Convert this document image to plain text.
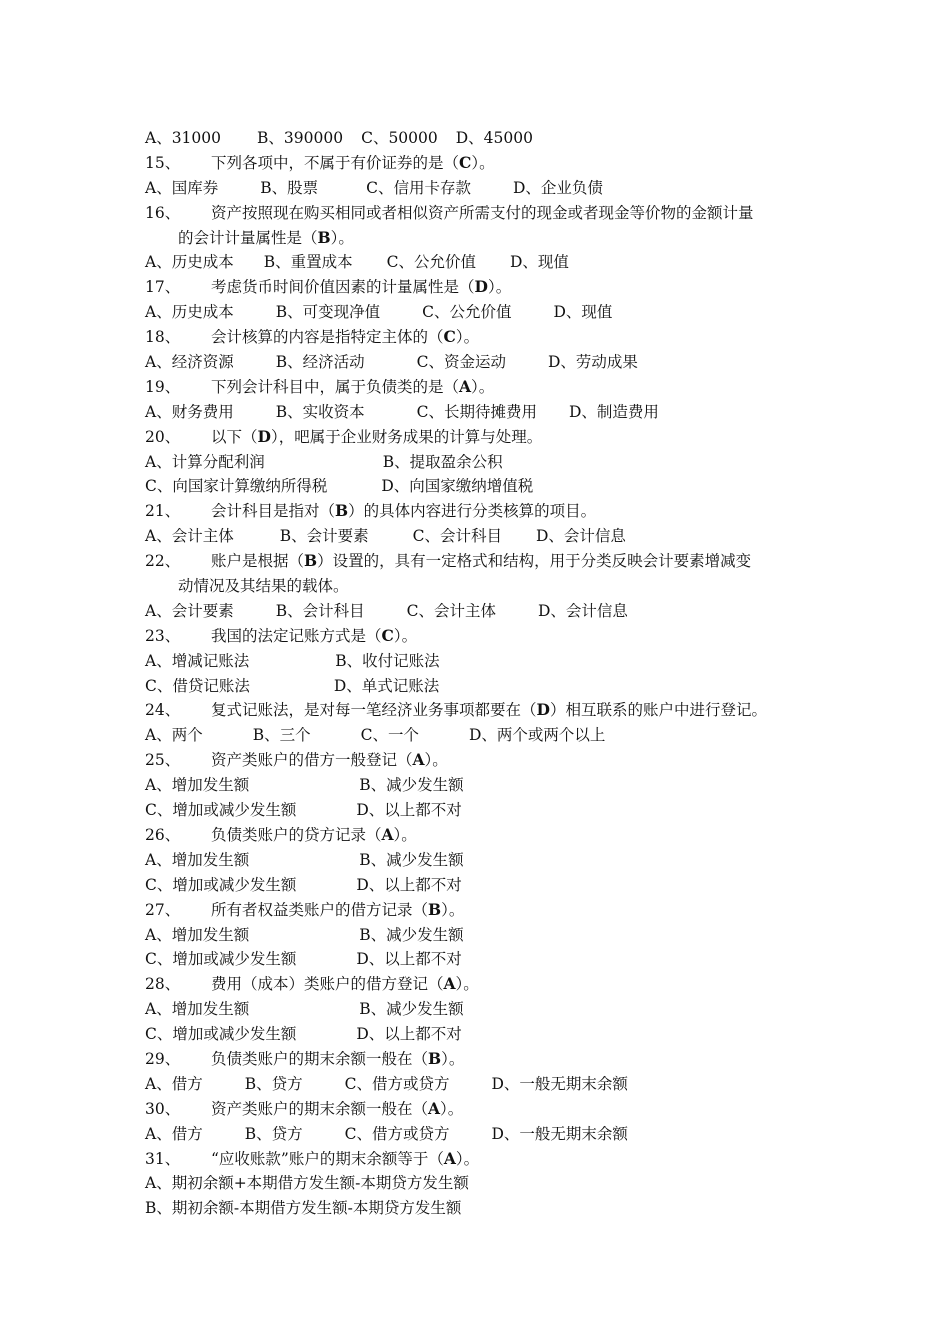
A、31000 B、390000 C、50000 D、45000
15、 下列各项中，不属于有价证券的是（C）。
A、国库券	B、股票	C、信用卡存款	D、企业负债
16、 资产按照现在购买相同或者相似资产所需支付的现金或者现金等价物的金额计量
的会计计量属性是（B）。
A、历史成本 B、重置成本 C、公允价值 D、现值
17、 考虑货币时间价值因素的计量属性是（D）。
A、历史成本	B、可变现净值	C、公允价值	D、现值
18、 会计核算的内容是指特定主体的（C）。
A、经济资源	B、经济活动	C、资金运动	D、劳动成果
19、 下列会计科目中，属于负债类的是（A）。
A、财务费用	B、实收资本	C、长期待摊费用 D、制造费用
20、 以下（D），吧属于企业财务成果的计算与处理。
A、计算分配利润	B、提取盈余公积
C、向国家计算缴纳所得税	D、向国家缴纳增值税
21、 会计科目是指对（B）的具体内容进行分类核算的项目。
A、会计主体	B、会计要素	C、会计科目 D、会计信息
22、 账户是根据（B）设置的，具有一定格式和结构，用于分类反映会计要素增减变
动情况及其结果的载体。
A、会计要素	B、会计科目	C、会计主体	D、会计信息
23、 我国的法定记账方式是（C）。
A、增减记账法	B、收付记账法
C、借贷记账法	D、单式记账法
24、 复式记账法，是对每一笔经济业务事项都要在（D）相互联系的账户中进行登记。
A、两个	B、三个	C、一个	D、两个或两个以上
25、 资产类账户的借方一般登记（A）。
A、增加发生额	B、减少发生额
C、增加或减少发生额	D、以上都不对
26、 负债类账户的贷方记录（A）。
A、增加发生额	B、减少发生额
C、增加或减少发生额	D、以上都不对
27、 所有者权益类账户的借方记录（B）。
A、增加发生额	B、减少发生额
C、增加或减少发生额	D、以上都不对
28、 费用（成本）类账户的借方登记（A）。
A、增加发生额	B、减少发生额
C、增加或减少发生额	D、以上都不对
29、 负债类账户的期末余额一般在（B）。
A、借方	B、贷方	C、借方或贷方	D、一般无期末余额
30、 资产类账户的期末余额一般在（A）。
A、借方	B、贷方	C、借方或贷方	D、一般无期末余额
31、 “应收账款”账户的期末余额等于（A）。
A、期初余额+本期借方发生额-本期贷方发生额
B、期初余额-本期借方发生额-本期贷方发生额
